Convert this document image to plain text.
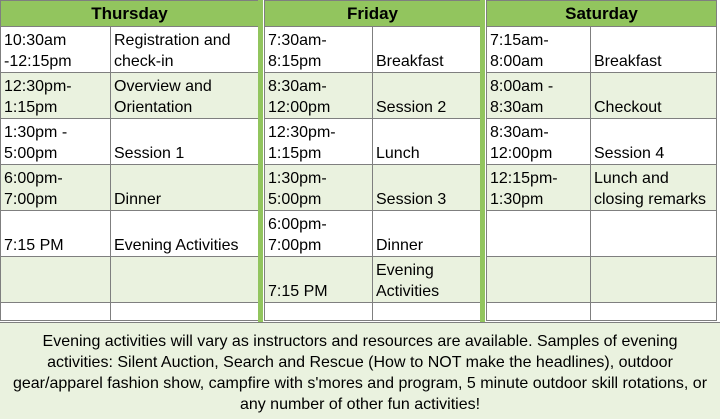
Thursday	
10:30am -12:15pm	Registration and check-in
12:30pm- 1:15pm	Overview and Orientation
1:30pm - 5:00pm	Session 1
6:00pm- 7:00pm	Dinner
7:15 PM	Evening Activities

Friday	
7:30am- 8:15pm	Breakfast
8:30am- 12:00pm	Session 2
12:30pm- 1:15pm	Lunch
1:30pm- 5:00pm	Session 3
6:00pm- 7:00pm	Dinner
7:15 PM	Evening Activities

Saturday	
7:15am- 8:00am	Breakfast
8:00am - 8:30am	Checkout
8:30am- 12:00pm	Session 4
12:15pm- 1:30pm	Lunch and closing remarks

Evening activities will vary as instructors and resources are available. Samples of evening activities: Silent Auction, Search and Rescue (How to NOT make the headlines), outdoor gear/apparel fashion show, campfire with s'mores and program, 5 minute outdoor skill rotations, or any number of other fun activities!
